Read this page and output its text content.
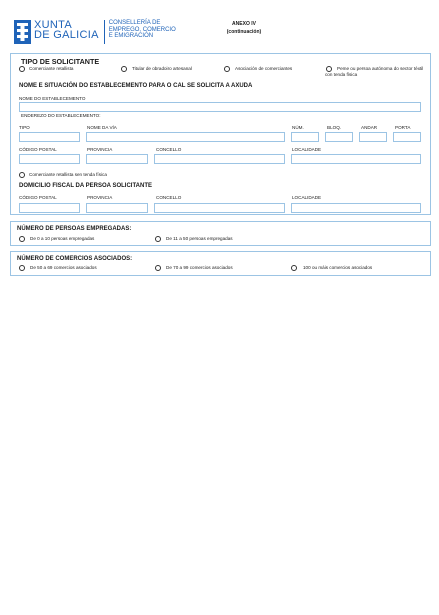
XUNTA
DE GALICIA
CONSELLERÍA DE
EMPREGO, COMERCIO
E EMIGRACIÓN
ANEXO IV
(continuación)
TIPO DE SOLICITANTE
Comerciante retallista	Titular de obradoiro artesanal	Asociación de comerciantes	Peme ou persoa autónoma do sector téxtil con tenda física
NOME E SITUACIÓN DO ESTABLECEMENTO PARA O CAL SE SOLICITA A AXUDA
NOME DO ESTABLECEMENTO
ENDEREZO DO ESTABLECEMENTO:
TIPO	NOME DA VÍA	NÚM.	BLOQ.	ANDAR	PORTA
CÓDIGO POSTAL	PROVINCIA	CONCELLO	LOCALIDADE
Comerciante retallista sen tenda física
DOMICILIO FISCAL DA PERSOA SOLICITANTE
CÓDIGO POSTAL	PROVINCIA	CONCELLO	LOCALIDADE
NÚMERO DE PERSOAS EMPREGADAS:
De 0 a 10 persoas empregadas	De 11 a 50 persoas empregadas
NÚMERO DE COMERCIOS ASOCIADOS:
De 50 a 69 comercios asociados	De 70 a 99 comercios asociados	100 ou máis comercios asociados
